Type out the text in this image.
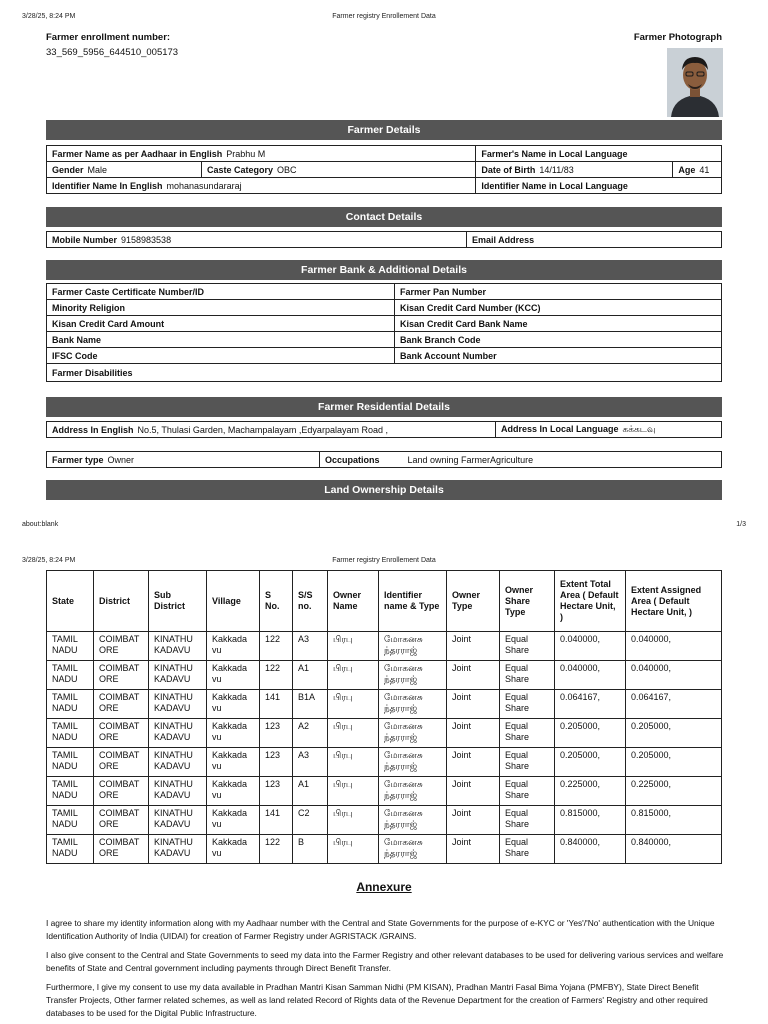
3/28/25, 8:24 PM	Farmer registry Enrollement Data
Farmer enrollment number:
33_569_5956_644510_005173
Farmer Photograph
Farmer Details
Farmer Name as per Aadhaar in English Prabhu M		Farmer's Name in Local Language	
Gender Male	Caste Category OBC	Date of Birth 14/11/83	Age 41
Identifier Name In English mohanasundararaj		Identifier Name in Local Language	
Contact Details
Mobile Number 9158983538	Email Address
Farmer Bank & Additional Details
Farmer Caste Certificate Number/ID	Farmer Pan Number
Minority Religion	Kisan Credit Card Number (KCC)
Kisan Credit Card Amount	Kisan Credit Card Bank Name
Bank Name	Bank Branch Code
IFSC Code	Bank Account Number
Farmer Disabilities	
Farmer Residential Details
Address In English No.5, Thulasi Garden, Machampalayam ,Edyarpalayam Road ,	Address In Local Language கக்கடவு
Farmer type Owner	Occupations	Land owning FarmerAgriculture
Land Ownership Details
about:blank	1/3
3/28/25, 8:24 PM	Farmer registry Enrollement Data
State	District	Sub District	Village	S No.	S/S no.	Owner Name	Identifier name & Type	Owner Type	Owner Share Type	Extent Total Area ( Default Hectare Unit, )	Extent Assigned Area ( Default Hectare Unit, )
TAMIL NADU	COIMBAT ORE	KINATHU KADAVU	Kakkada vu	122	A3	பிரபு	மோகனசு ந்தரராஜ்	Joint	Equal Share	0.040000,	0.040000,
TAMIL NADU	COIMBAT ORE	KINATHU KADAVU	Kakkada vu	122	A1	பிரபு	மோகனசு ந்தரராஜ்	Joint	Equal Share	0.040000,	0.040000,
TAMIL NADU	COIMBAT ORE	KINATHU KADAVU	Kakkada vu	141	B1A	பிரபு	மோகனசு ந்தரராஜ்	Joint	Equal Share	0.064167,	0.064167,
TAMIL NADU	COIMBAT ORE	KINATHU KADAVU	Kakkada vu	123	A2	பிரபு	மோகனசு ந்தரராஜ்	Joint	Equal Share	0.205000,	0.205000,
TAMIL NADU	COIMBAT ORE	KINATHU KADAVU	Kakkada vu	123	A3	பிரபு	மோகனசு ந்தரராஜ்	Joint	Equal Share	0.205000,	0.205000,
TAMIL NADU	COIMBAT ORE	KINATHU KADAVU	Kakkada vu	123	A1	பிரபு	மோகனசு ந்தரராஜ்	Joint	Equal Share	0.225000,	0.225000,
TAMIL NADU	COIMBAT ORE	KINATHU KADAVU	Kakkada vu	141	C2	பிரபு	மோகனசு ந்தரராஜ்	Joint	Equal Share	0.815000,	0.815000,
TAMIL NADU	COIMBAT ORE	KINATHU KADAVU	Kakkada vu	122	B	பிரபு	மோகனசு ந்தரராஜ்	Joint	Equal Share	0.840000,	0.840000,
Annexure
I agree to share my identity information along with my Aadhaar number with the Central and State Governments for the purpose of e-KYC or 'Yes'/'No' authentication with the Unique Identification Authority of India (UIDAI) for creation of Farmer Registry under AGRISTACK /GRAINS.
I also give consent to the Central and State Governments to seed my data into the Farmer Registry and other relevant databases to be used for delivering various services and welfare benefits of State and Central government including payments through Direct Benefit Transfer.
Furthermore, I give my consent to use my data available in Pradhan Mantri Kisan Samman Nidhi (PM KISAN), Pradhan Mantri Fasal Bima Yojana (PMFBY), State Direct Benefit Transfer Projects, Other farmer related schemes, as well as land related Record of Rights data of the Revenue Department for the creation of Farmers' Registry and other required databases to be used for the Digital Public Infrastructure.
